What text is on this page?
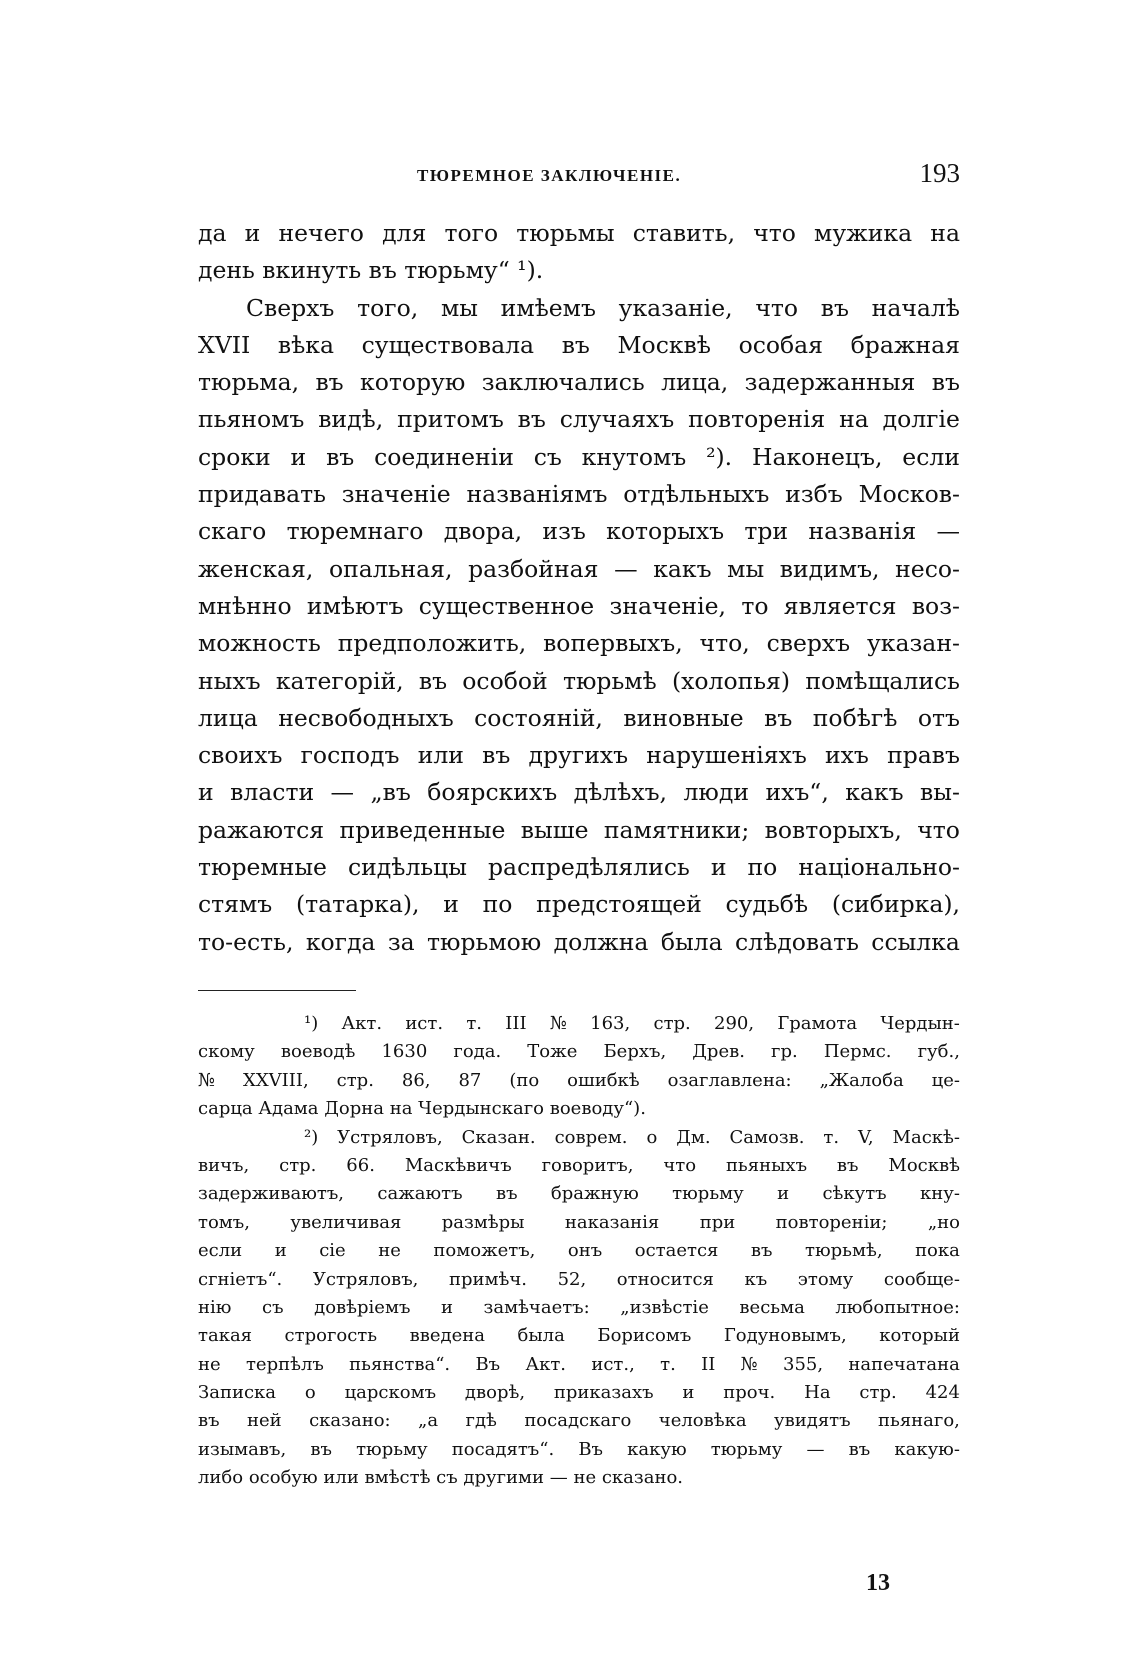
ТЮРЕМНОЕ ЗАКЛЮЧЕНІЕ.	193
да и нечего для того тюрьмы ставить, что мужика на
день вкинуть въ тюрьму“ ¹).
Сверхъ того, мы имѣемъ указаніе, что въ началѣ
XVII вѣка существовала въ Москвѣ особая бражная
тюрьма, въ которую заключались лица, задержанныя въ
пьяномъ видѣ, притомъ въ случаяхъ повторенія на долгіе
сроки и въ соединеніи съ кнутомъ ²). Наконецъ, если
придавать значеніе названіямъ отдѣльныхъ избъ Москов-
скаго тюремнаго двора, изъ которыхъ три названія —
женская, опальная, разбойная — какъ мы видимъ, несо-
мнѣнно имѣютъ существенное значеніе, то является воз-
можность предположить, вопервыхъ, что, сверхъ указан-
ныхъ категорій, въ особой тюрьмѣ (холопья) помѣщались
лица несвободныхъ состояній, виновные въ побѣгѣ отъ
своихъ господъ или въ другихъ нарушеніяхъ ихъ правъ
и власти — „въ боярскихъ дѣлѣхъ, люди ихъ“, какъ вы-
ражаются приведенные выше памятники; вовторыхъ, что
тюремные сидѣльцы распредѣлялись и по національно-
стямъ (татарка), и по предстоящей судьбѣ (сибирка),
то-есть, когда за тюрьмою должна была слѣдовать ссылка
¹) Акт. ист. т. III № 163, стр. 290, Грамота Чердын-
скому воеводѣ 1630 года. Тоже Берхъ, Древ. гр. Пермс. губ.,
№ XXVIII, стр. 86, 87 (по ошибкѣ озаглавлена: „Жалоба це-
сарца Адама Дорна на Чердынскаго воеводу“).
²) Устряловъ, Сказан. соврем. о Дм. Самозв. т. V, Маскѣ-
вичъ, стр. 66. Маскѣвичъ говоритъ, что пьяныхъ въ Москвѣ
задерживаютъ, сажаютъ въ бражную тюрьму и сѣкутъ кну-
томъ, увеличивая размѣры наказанія при повтореніи; „но
если и сіе не поможетъ, онъ остается въ тюрьмѣ, пока
сгніетъ“. Устряловъ, примѣч. 52, относится къ этому сообще-
нію съ довѣріемъ и замѣчаетъ: „извѣстіе весьма любопытное:
такая строгость введена была Борисомъ Годуновымъ, который
не терпѣлъ пьянства“. Въ Акт. ист., т. II № 355, напечатана
Записка о царскомъ дворѣ, приказахъ и проч. На стр. 424
въ ней сказано: „а гдѣ посадскаго человѣка увидятъ пьянаго,
изымавъ, въ тюрьму посадятъ“. Въ какую тюрьму — въ какую-
либо особую или вмѣстѣ съ другими — не сказано.
13
